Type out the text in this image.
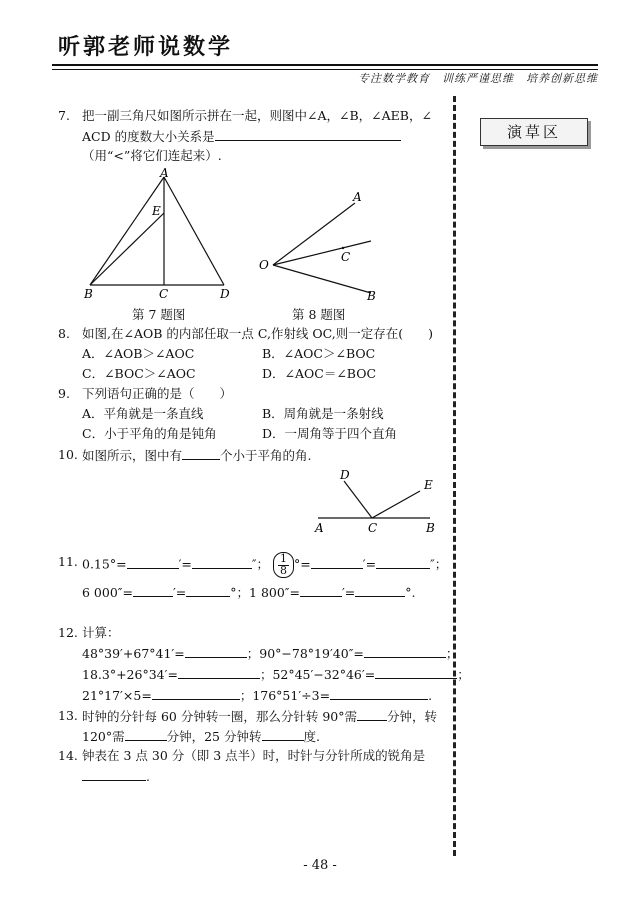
听郭老师说数学
专注数学教育　训练严谨思维　培养创新思维
演草区
7. 把一副三角尺如图所示拼在一起，则图中∠A，∠B，∠AEB，∠
ACD 的度数大小关系是
（用“<”将它们连起来）.
A
E
B	C	D
第 7 题图
A
O
C
B
第 8 题图
8. 如图,在∠AOB 的内部任取一点 C,作射线 OC,则一定存在(　　)
A．∠AOB＞∠AOC	B．∠AOC＞∠BOC
C．∠BOC＞∠AOC	D．∠AOC＝∠BOC
9. 下列语句正确的是（　　）
A．平角就是一条直线	B．周角就是一条射线
C．小于平角的角是钝角	D．一周角等于四个直角
10. 如图所示，图中有	个小于平角的角.
D
E
A	C	B
11. 0.15°=	′=	″； $\frac{1}{8}^\circ=$	′=	″；
6 000″=	′=	°；1 800″=	′=	°.
12. 计算：
48°39′+67°41′=	；90°−78°19′40″=	；
18.3°+26°34′=	；52°45′−32°46′=	；
21°17′×5=	；176°51′÷3=	.
13. 时钟的分针每 60 分钟转一圈，那么分针转 90°需 分钟，转
120°需	分钟，25 分钟转	度.
14. 钟表在 3 点 30 分（即 3 点半）时，时针与分针所成的锐角是
.
- 48 -
